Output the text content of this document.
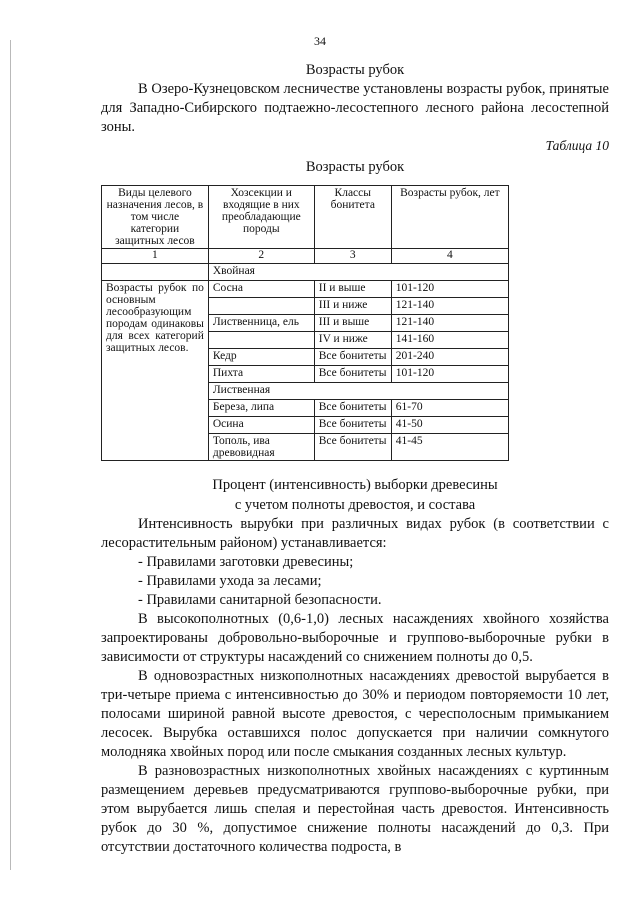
34
Возрасты рубок

В Озеро-Кузнецовском лесничестве установлены возрасты рубок, принятые для Западно-Сибирского подтаежно-лесостепного лесного района лесостепной зоны.

Таблица 10
Возрасты рубок
Виды целевого назначения лесов, в том числе категории защитных лесов	Хозсекции и входящие в них преобладающие породы	Классы бонитета	Возрасты рубок, лет
1	2	3	4
	Хвойная		
Возрасты рубок по основным лесообразующим породам одинаковы для всех категорий защитных лесов.	Сосна	II и выше	101-120
		III и ниже	121-140
	Лиственница, ель	III и выше	121-140
		IV и ниже	141-160
	Кедр	Все бонитеты	201-240
	Пихта	Все бонитеты	101-120
	Лиственная		
	Береза, липа	Все бонитеты	61-70
	Осина	Все бонитеты	41-50
	Тополь, ива древовидная	Все бонитеты	41-45
Процент (интенсивность) выборки древесины
с учетом полноты древостоя, и состава

Интенсивность вырубки при различных видах рубок (в соответствии с лесорастительным районом) устанавливается:

- Правилами заготовки древесины;

- Правилами ухода за лесами;

- Правилами санитарной безопасности.

В высокополнотных (0,6-1,0) лесных насаждениях хвойного хозяйства запроектированы добровольно-выборочные и группово-выборочные рубки в зависимости от структуры насаждений со снижением полноты до 0,5.

В одновозрастных низкополнотных насаждениях древостой вырубается в три-четыре приема с интенсивностью до 30% и периодом повторяемости 10 лет, полосами шириной равной высоте древостоя, с чересполосным примыканием лесосек. Вырубка оставшихся полос допускается при наличии сомкнутого молодняка хвойных пород или после смыкания созданных лесных культур.

В разновозрастных низкополнотных хвойных насаждениях с куртинным размещением деревьев предусматриваются группово-выборочные рубки, при этом вырубается лишь спелая и перестойная часть древостоя. Интенсивность рубок до 30 %, допустимое снижение полноты насаждений до 0,3. При отсутствии достаточного количества подроста, в
